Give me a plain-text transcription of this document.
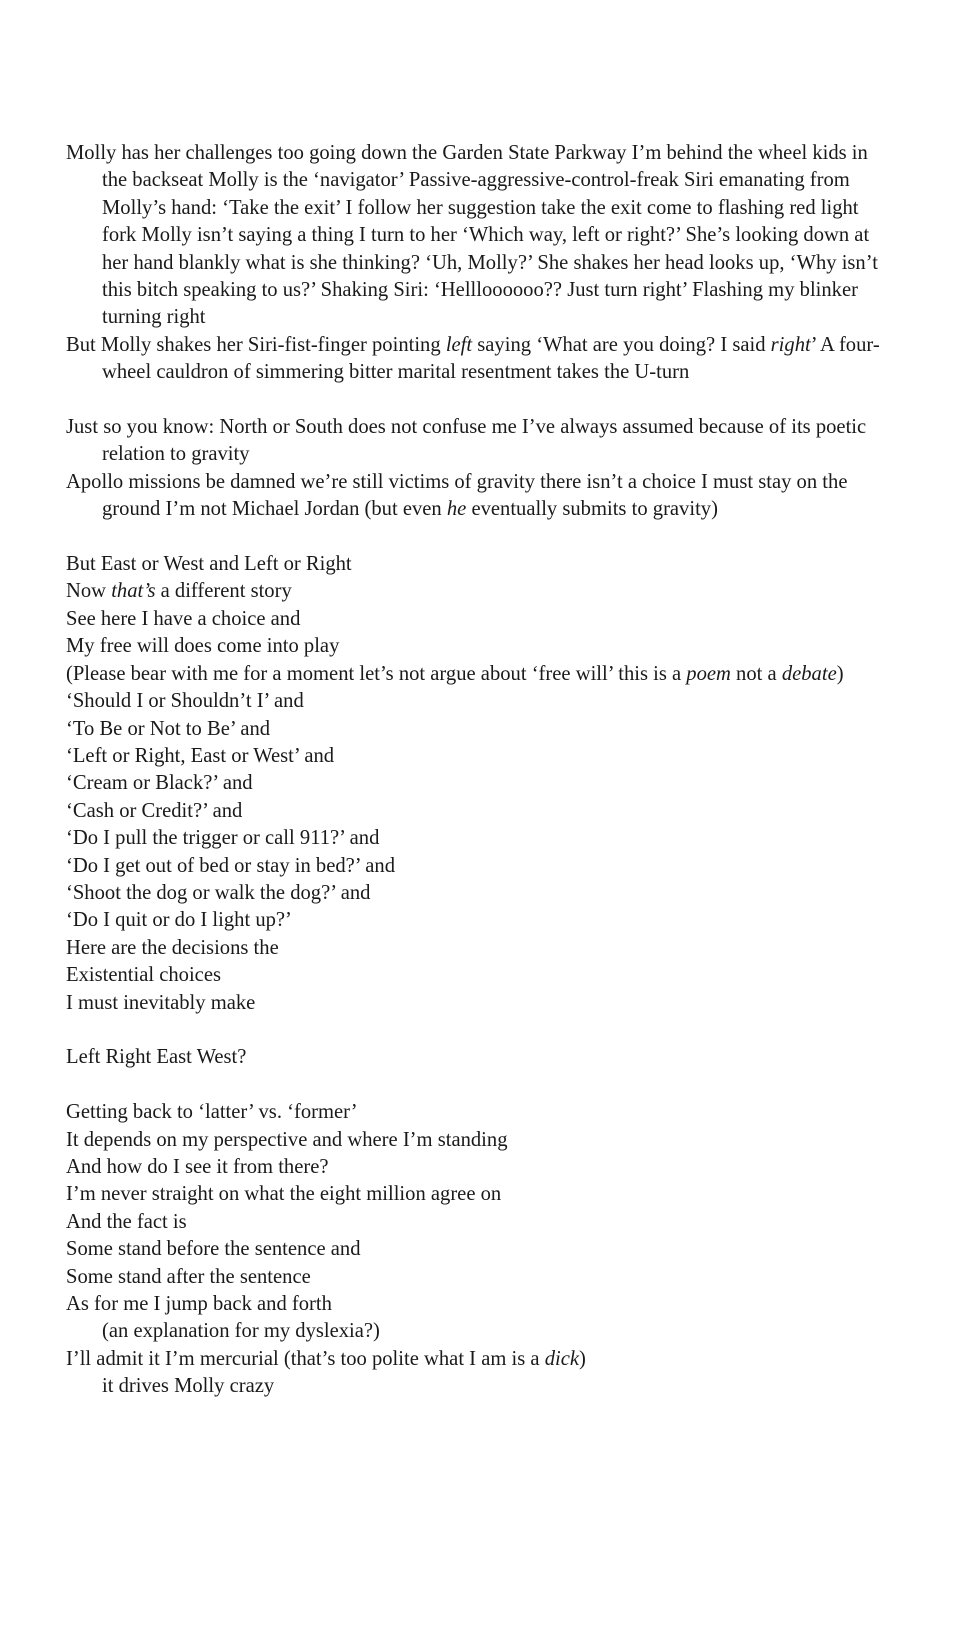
Molly has her challenges too going down the Garden State Parkway I’m behind the wheel kids in the backseat Molly is the ‘navigator’ Passive-aggressive-control-freak Siri emanating from Molly’s hand: ‘Take the exit’ I follow her suggestion take the exit come to flashing red light fork Molly isn’t saying a thing I turn to her ‘Which way, left or right?’ She’s looking down at her hand blankly what is she thinking? ‘Uh, Molly?’ She shakes her head looks up, ‘Why isn’t this bitch speaking to us?’ Shaking Siri: ‘Hellloooooo?? Just turn right’ Flashing my blinker turning right
But Molly shakes her Siri-fist-finger pointing left saying ‘What are you doing? I said right’ A four-wheel cauldron of simmering bitter marital resentment takes the U-turn
Just so you know: North or South does not confuse me I’ve always assumed because of its poetic relation to gravity
Apollo missions be damned we’re still victims of gravity there isn’t a choice I must stay on the ground I’m not Michael Jordan (but even he eventually submits to gravity)
But East or West and Left or Right
Now that’s a different story
See here I have a choice and
My free will does come into play
(Please bear with me for a moment let’s not argue about ‘free will’ this is a poem not a debate)
‘Should I or Shouldn’t I’ and
‘To Be or Not to Be’ and
‘Left or Right, East or West’ and
‘Cream or Black?’ and
‘Cash or Credit?’ and
‘Do I pull the trigger or call 911?’ and
‘Do I get out of bed or stay in bed?’ and
‘Shoot the dog or walk the dog?’ and
‘Do I quit or do I light up?’
Here are the decisions the
Existential choices
I must inevitably make
Left Right East West?
Getting back to ‘latter’ vs. ‘former’
It depends on my perspective and where I’m standing
And how do I see it from there?
I’m never straight on what the eight million agree on
And the fact is
Some stand before the sentence and
Some stand after the sentence
As for me I jump back and forth
(an explanation for my dyslexia?)
I’ll admit it I’m mercurial (that’s too polite what I am is a dick)
it drives Molly crazy
